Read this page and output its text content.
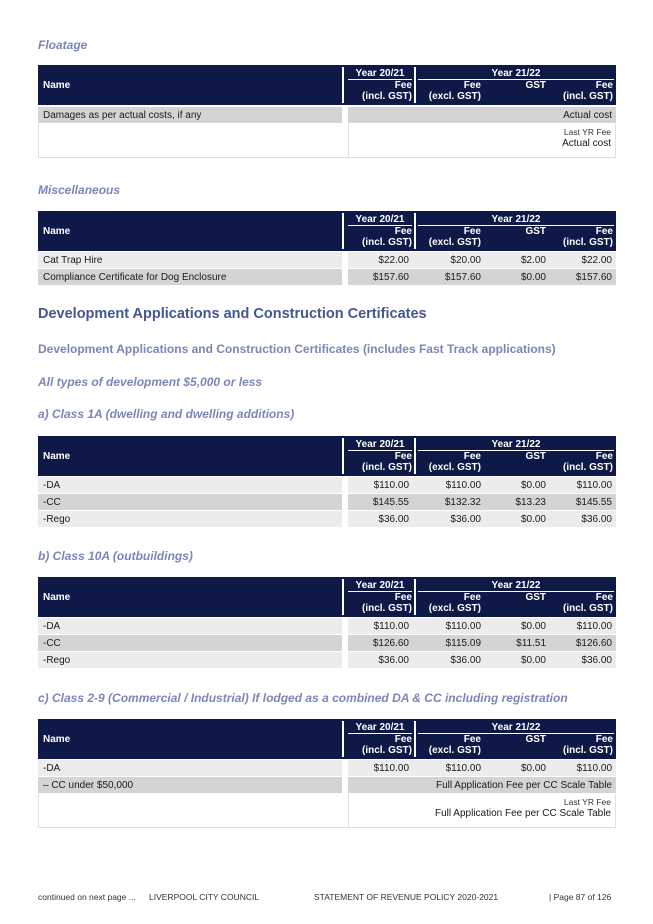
Floatage
Name
Year 20/21	Year 21/22
Fee
(incl. GST)
Fee
(excl. GST)
GST	Fee
(incl. GST)
Damages as per actual costs, if any	Actual cost
Last YR Fee
Actual cost
Miscellaneous
Name
Year 20/21	Year 21/22
Fee
(incl. GST)
Fee
(excl. GST)
GST	Fee
(incl. GST)
Cat Trap Hire	$22.00	$20.00	$2.00	$22.00
Compliance Certificate for Dog Enclosure	$157.60	$157.60	$0.00	$157.60
Development Applications and Construction Certificates
Development Applications and Construction Certificates (includes Fast Track applications)
All types of development $5,000 or less
a) Class 1A (dwelling and dwelling additions)
Name
Year 20/21	Year 21/22
Fee
(incl. GST)
Fee
(excl. GST)
GST	Fee
(incl. GST)
-DA	$110.00	$110.00	$0.00	$110.00
-CC	$145.55	$132.32	$13.23	$145.55
-Rego	$36.00	$36.00	$0.00	$36.00
b) Class 10A (outbuildings)
Name
Year 20/21	Year 21/22
Fee
(incl. GST)
Fee
(excl. GST)
GST	Fee
(incl. GST)
-DA	$110.00	$110.00	$0.00	$110.00
-CC	$126.60	$115.09	$11.51	$126.60
-Rego	$36.00	$36.00	$0.00	$36.00
c) Class 2-9 (Commercial / Industrial) If lodged as a combined DA & CC including registration
Name
Year 20/21	Year 21/22
Fee
(incl. GST)
Fee
(excl. GST)
GST	Fee
(incl. GST)
-DA	$110.00	$110.00	$0.00	$110.00
– CC under $50,000	Full Application Fee per CC Scale Table
Last YR Fee
Full Application Fee per CC Scale Table
continued on next page ... LIVERPOOL CITY COUNCIL	STATEMENT OF REVENUE POLICY 2020-2021	| Page 87 of 126
